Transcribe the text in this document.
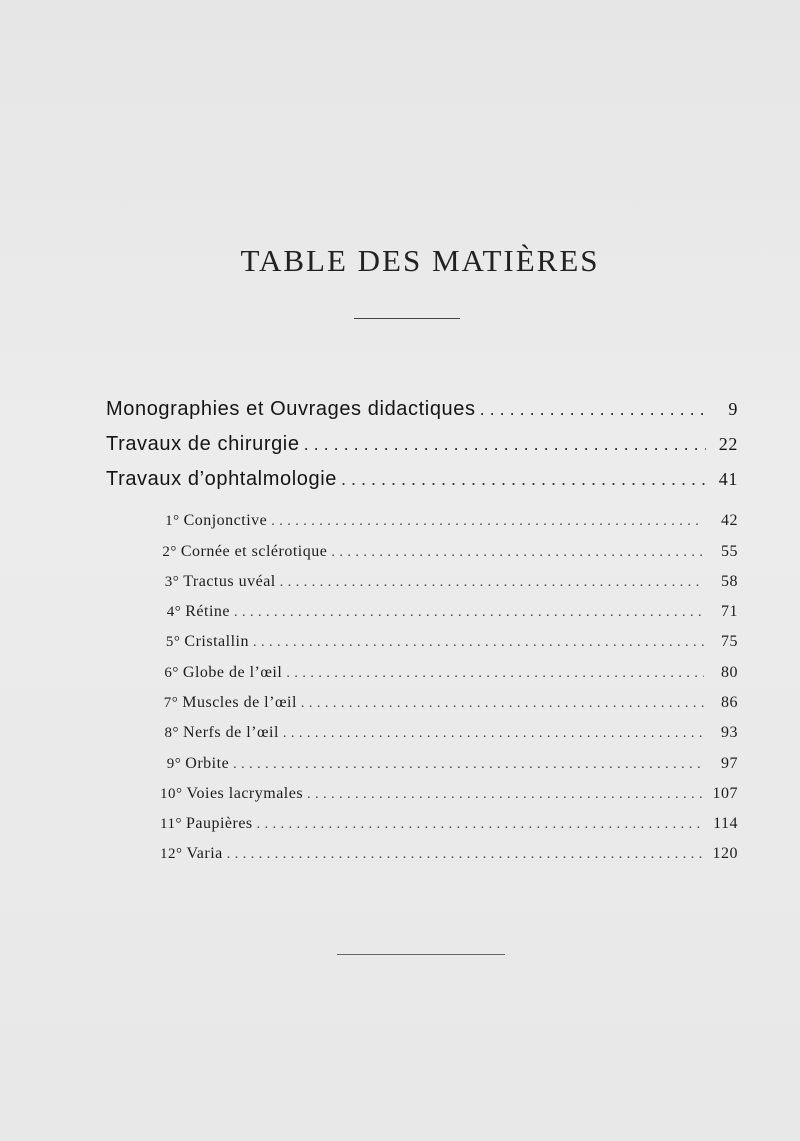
TABLE DES MATIÈRES
Monographies et Ouvrages didactiques . . .	9
Travaux de chirurgie . . .	22
Travaux d’ophtalmologie . . .	41
1° Conjonctive . . .	42
2° Cornée et sclérotique . . .	55
3° Tractus uvéal . . .	58
4° Rétine . . .	71
5° Cristallin . . .	75
6° Globe de l’œil . . .	80
7° Muscles de l’œil . . .	86
8° Nerfs de l’œil . . .	93
9° Orbite . . .	97
10° Voies lacrymales . . .	107
11° Paupières . . .	114
12° Varia . . .	120
